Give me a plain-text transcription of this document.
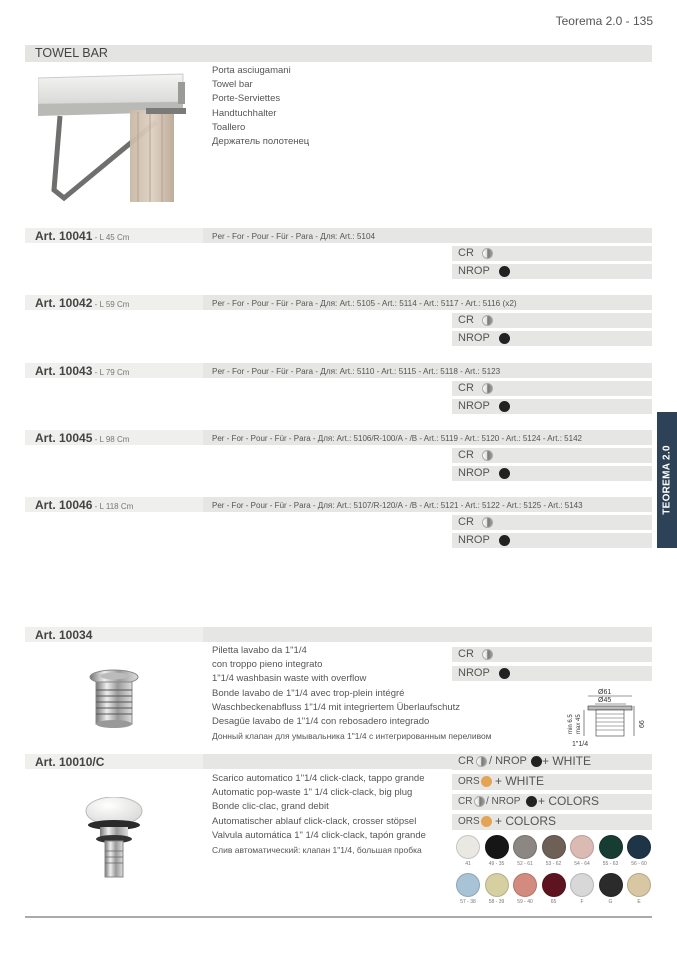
Teorema 2.0 - 135
TEOREMA 2.0
TOWEL BAR
Porta asciugamani
Towel bar
Porte-Serviettes
Handtuchhalter
Toallero
Держатель полотенец
Art. 10041 - L 45 Cm	Per - For - Pour - Für - Para - Для: Art.: 5104
CR
NROP
Art. 10042 - L 59 Cm	Per - For - Pour - Für - Para - Для: Art.: 5105 - Art.: 5114 - Art.: 5117 - Art.: 5116 (x2)
CR
NROP
Art. 10043 - L 79 Cm	Per - For - Pour - Für - Para - Для: Art.: 5110 - Art.: 5115 - Art.: 5118 - Art.: 5123
CR
NROP
Art. 10045 - L 98 Cm	Per - For - Pour - Für - Para - Для: Art.: 5106/R-100/A - /B - Art.: 5119 - Art.: 5120 - Art.: 5124 - Art.: 5142
CR
NROP
Art. 10046 - L 118 Cm	Per - For - Pour - Für - Para - Для: Art.: 5107/R-120/A - /B - Art.: 5121 - Art.: 5122 - Art.: 5125 - Art.: 5143
CR
NROP
Art. 10034
Piletta lavabo da 1"1/4
con troppo pieno integrato
1"1/4 washbasin waste with overflow
Bonde lavabo de 1"1/4 avec trop-plein intégré
Waschbeckenabfluss 1"1/4 mit integriertem Überlaufschutz
Desagüe lavabo de 1"1/4 con rebosadero integrado
Донный клапан для умывальника 1"1/4 с интегрированным переливом
CR
NROP
Ø61
Ø45
min 6.5 max 45	66
1"1/4
Art. 10010/C
Scarico automatico 1"1/4 click-clack, tappo grande
Automatic pop-waste 1" 1/4 click-clack, big plug
Bonde clic-clac, grand debit
Automatischer ablauf click-clack, crosser stöpsel
Valvula automática 1" 1/4 click-clack, tapón grande
Слив автоматический: клапан 1"1/4, большая пробка
CR / NROP + WHITE
ORS + WHITE
CR / NROP + COLORS
ORS + COLORS
41	49 - 35	52 - 61	53 - 62	54 - 64	55 - 63	56 - 60
57 - 38	58 - 39	59 - 40	65	F	G	E
